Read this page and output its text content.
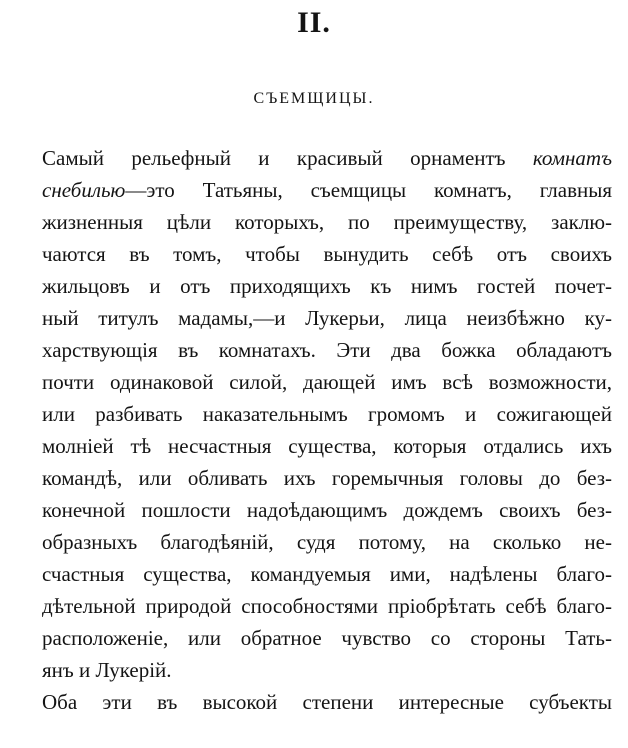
II.
СЪЕМЩИЦЫ.
Самый рельефный и красивый орнаментъ комнатъ
снебилью—это Татьяны, съемщицы комнатъ, главныя
жизненныя цѣли которыхъ, по преимуществу, заклю-
чаются въ томъ, чтобы вынудить себѣ отъ своихъ
жильцовъ и отъ приходящихъ къ нимъ гостей почет-
ный титулъ мадамы,—и Лукерьи, лица неизбѣжно ку-
харствующія въ комнатахъ. Эти два божка обладаютъ
почти одинаковой силой, дающей имъ всѣ возможности,
или разбивать наказательнымъ громомъ и сожигающей
молніей тѣ несчастныя существа, которыя отдались ихъ
командѣ, или обливать ихъ горемычныя головы до без-
конечной пошлости надоѣдающимъ дождемъ своихъ без-
образныхъ благодѣяній, судя потому, на сколько не-
счастныя существа, командуемыя ими, надѣлены благо-
дѣтельной природой способностями пріобрѣтать себѣ благо-
расположеніе, или обратное чувство со стороны Тать-
янъ и Лукерій.
Оба эти въ высокой степени интересные субъекты
